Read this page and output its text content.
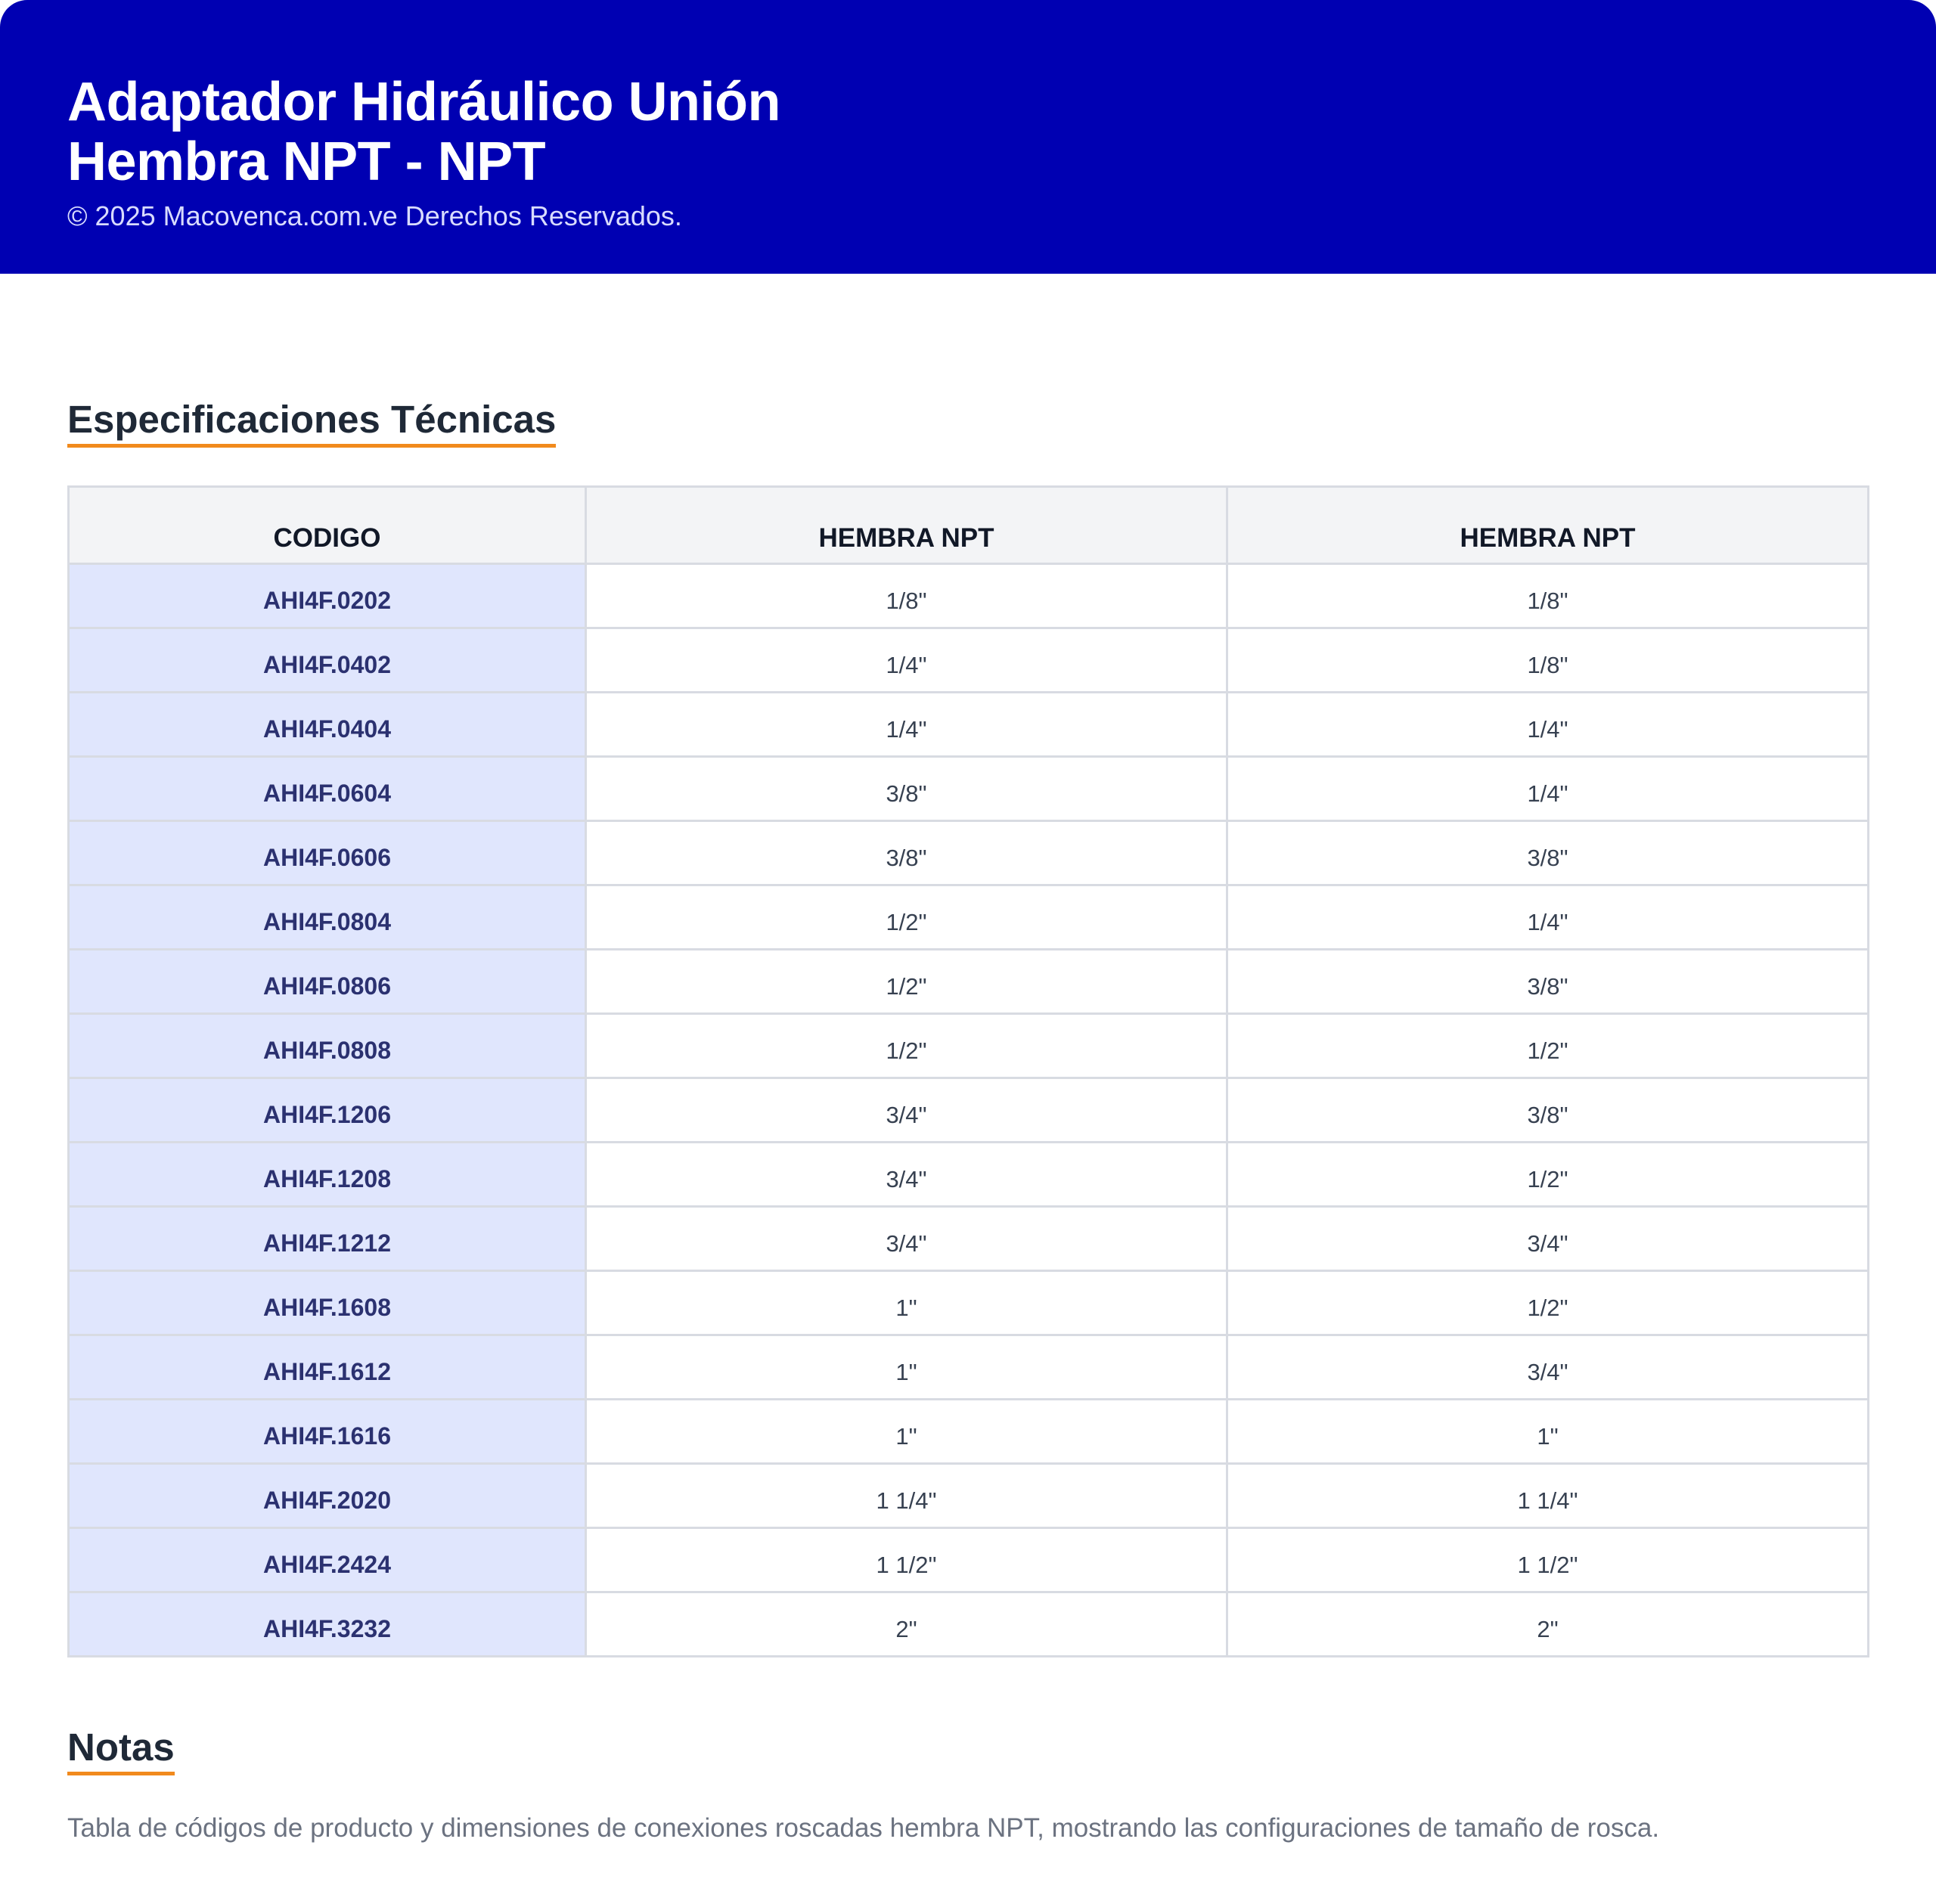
Adaptador Hidráulico Unión
Hembra NPT - NPT
© 2025 Macovenca.com.ve Derechos Reservados.
Especificaciones Técnicas
CODIGO	HEMBRA NPT	HEMBRA NPT
AHI4F.0202	1/8"	1/8"
AHI4F.0402	1/4"	1/8"
AHI4F.0404	1/4"	1/4"
AHI4F.0604	3/8"	1/4"
AHI4F.0606	3/8"	3/8"
AHI4F.0804	1/2"	1/4"
AHI4F.0806	1/2"	3/8"
AHI4F.0808	1/2"	1/2"
AHI4F.1206	3/4"	3/8"
AHI4F.1208	3/4"	1/2"
AHI4F.1212	3/4"	3/4"
AHI4F.1608	1"	1/2"
AHI4F.1612	1"	3/4"
AHI4F.1616	1"	1"
AHI4F.2020	1 1/4"	1 1/4"
AHI4F.2424	1 1/2"	1 1/2"
AHI4F.3232	2"	2"
Notas

Tabla de códigos de producto y dimensiones de conexiones roscadas hembra NPT, mostrando las configuraciones de tamaño de rosca.
